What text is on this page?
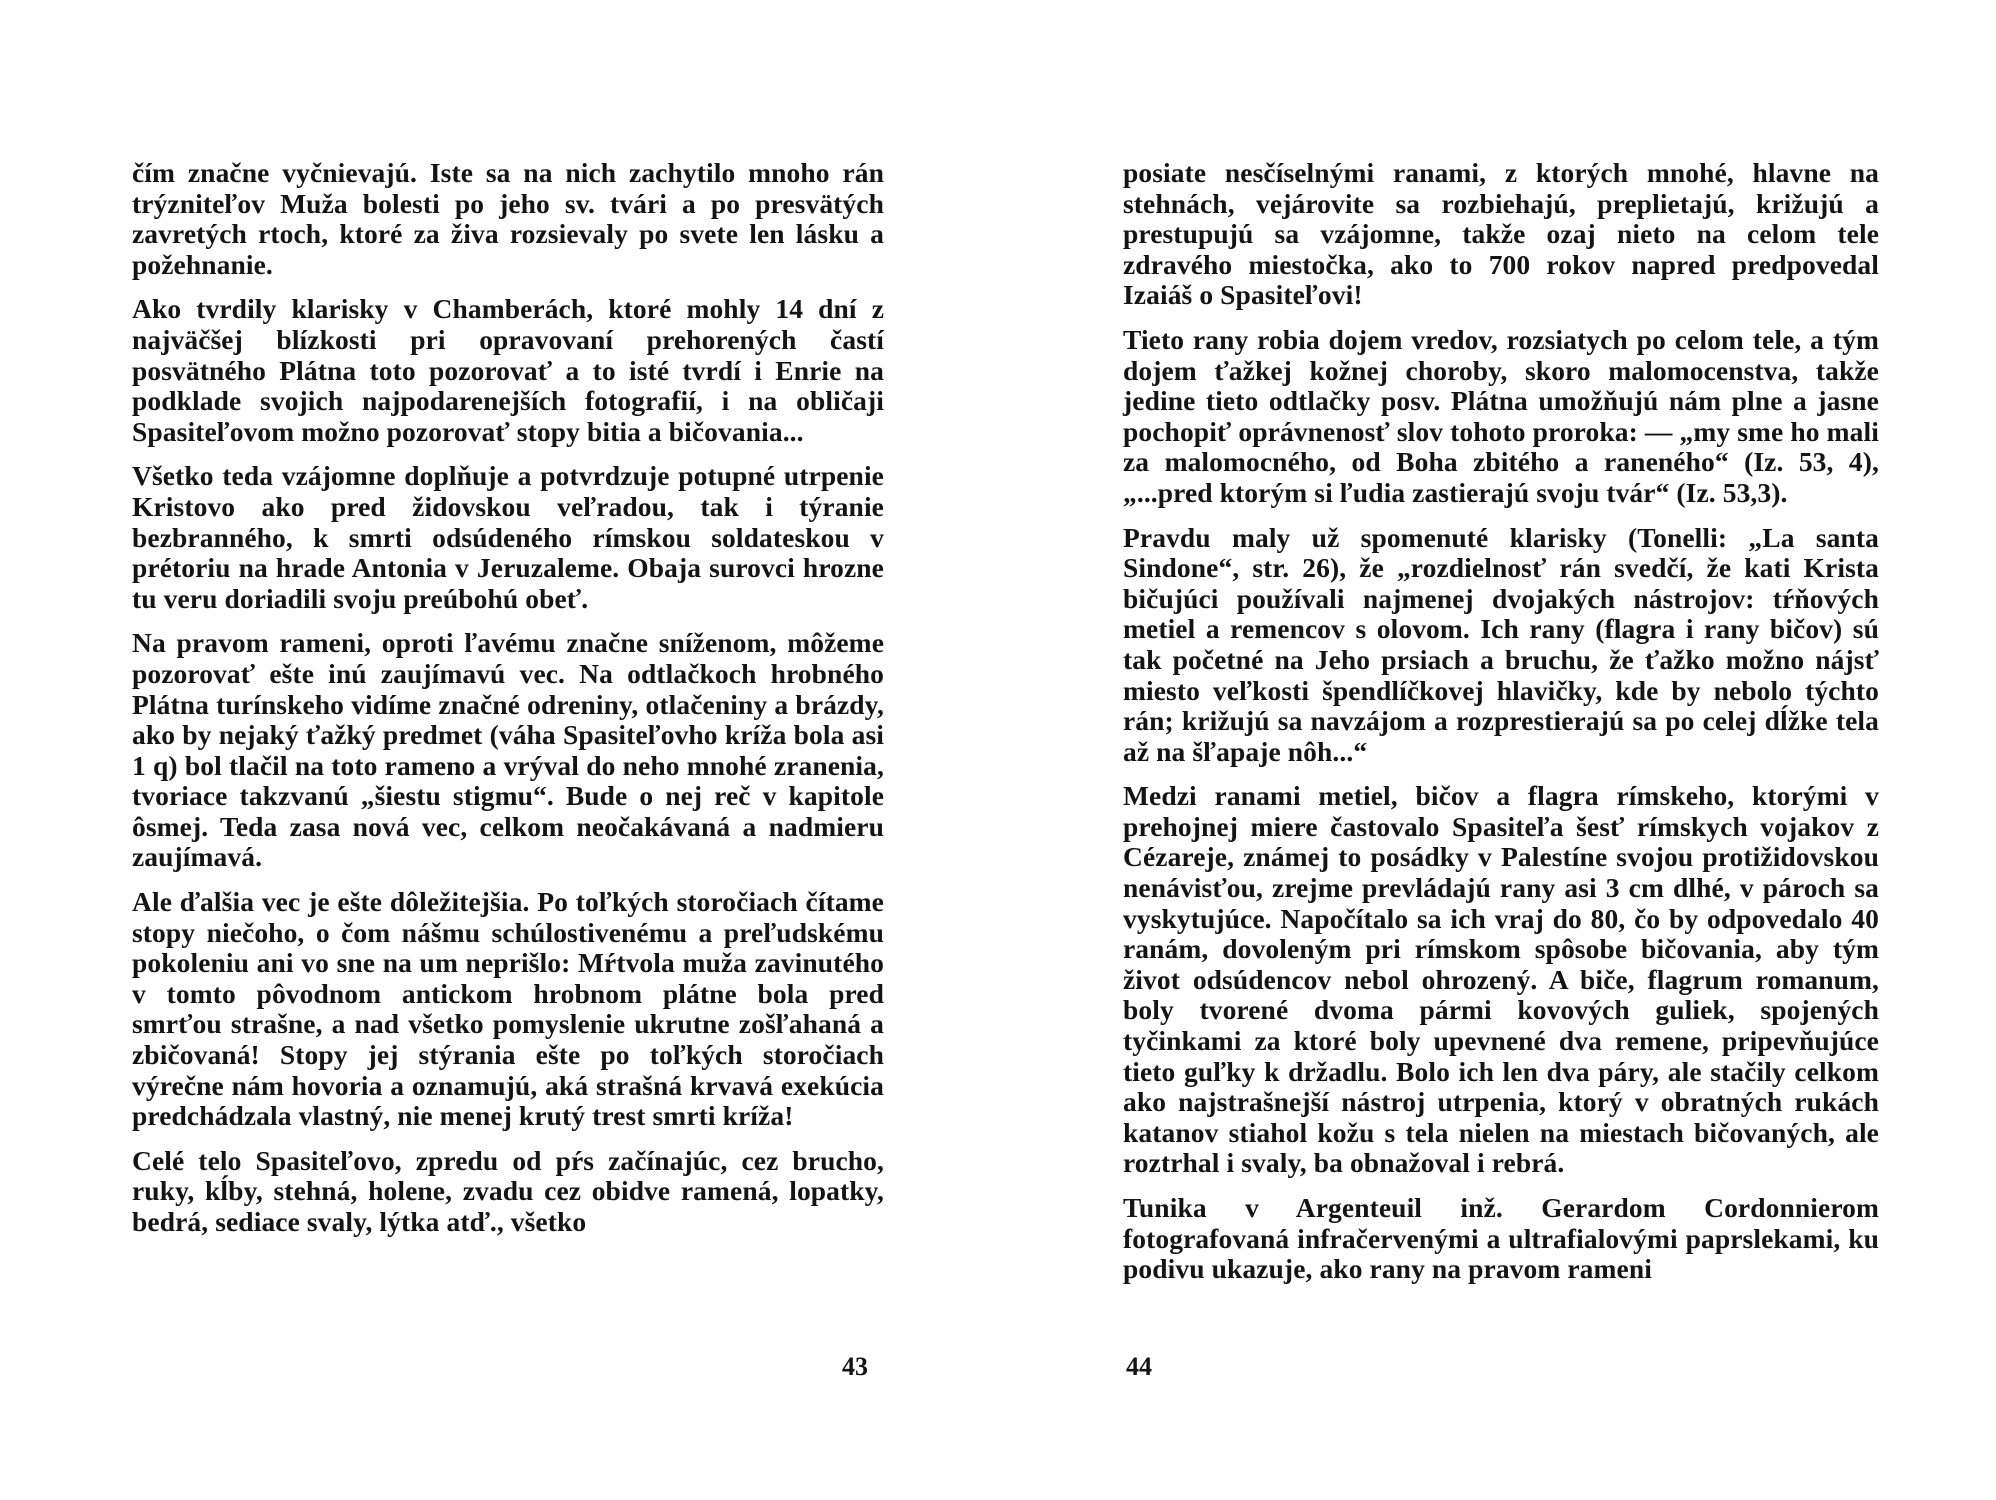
čím značne vyčnievajú. Iste sa na nich zachytilo mnoho rán trýzniteľov Muža bolesti po jeho sv. tvári a po presvätých zavretých rtoch, ktoré za živa rozsievaly po svete len lásku a požehnanie.

Ako tvrdily klarisky v Chamberách, ktoré mohly 14 dní z najväčšej blízkosti pri opravovaní prehorených častí posvätného Plátna toto pozorovať a to isté tvrdí i Enrie na podklade svojich najpodarenejších fotografií, i na obličaji Spasiteľovom možno pozorovať stopy bitia a bičovania...

Všetko teda vzájomne doplňuje a potvrdzuje potupné utrpenie Kristovo ako pred židovskou veľradou, tak i týranie bezbranného, k smrti odsúdeného rímskou soldateskou v prétoriu na hrade Antonia v Jeruzaleme. Obaja surovci hrozne tu veru doriadili svoju preúbohú obeť.

Na pravom rameni, oproti ľavému značne sníženom, môžeme pozorovať ešte inú zaujímavú vec. Na odtlačkoch hrobného Plátna turínskeho vidíme značné odreniny, otlačeniny a brázdy, ako by nejaký ťažký predmet (váha Spasiteľovho kríža bola asi 1 q) bol tlačil na toto rameno a vrýval do neho mnohé zranenia, tvoriace takzvanú „šiestu stigmu“. Bude o nej reč v kapitole ôsmej. Teda zasa nová vec, celkom neočakávaná a nadmieru zaujímavá.

Ale ďalšia vec je ešte dôležitejšia. Po toľkých storočiach čítame stopy niečoho, o čom nášmu schúlostivenému a preľudskému pokoleniu ani vo sne na um neprišlo: Mŕtvola muža zavinutého v tomto pôvodnom antickom hrobnom plátne bola pred smrťou strašne, a nad všetko pomyslenie ukrutne zošľahaná a zbičovaná! Stopy jej stýrania ešte po toľkých storočiach výrečne nám hovoria a oznamujú, aká strašná krvavá exekúcia predchádzala vlastný, nie menej krutý trest smrti kríža!

Celé telo Spasiteľovo, zpredu od pŕs začínajúc, cez brucho, ruky, kĺby, stehná, holene, zvadu cez obidve ramená, lopatky, bedrá, sediace svaly, lýtka atď., všetko

43

posiate nesčíselnými ranami, z ktorých mnohé, hlavne na stehnách, vejárovite sa rozbiehajú, preplietajú, križujú a prestupujú sa vzájomne, takže ozaj nieto na celom tele zdravého miestočka, ako to 700 rokov napred predpovedal Izaiáš o Spasiteľovi!

Tieto rany robia dojem vredov, rozsiatych po celom tele, a tým dojem ťažkej kožnej choroby, skoro malomocenstva, takže jedine tieto odtlačky posv. Plátna umožňujú nám plne a jasne pochopiť oprávnenosť slov tohoto proroka: — „my sme ho mali za malomocného, od Boha zbitého a raneného“ (Iz. 53, 4), „...pred ktorým si ľudia zastierajú svoju tvár“ (Iz. 53,3).

Pravdu maly už spomenuté klarisky (Tonelli: „La santa Sindone“, str. 26), že „rozdielnosť rán svedčí, že kati Krista bičujúci používali najmenej dvojakých nástrojov: tŕňových metiel a remencov s olovom. Ich rany (flagra i rany bičov) sú tak početné na Jeho prsiach a bruchu, že ťažko možno nájsť miesto veľkosti špendlíčkovej hlavičky, kde by nebolo týchto rán; križujú sa navzájom a rozprestierajú sa po celej dĺžke tela až na šľapaje nôh...“

Medzi ranami metiel, bičov a flagra rímskeho, ktorými v prehojnej miere častovalo Spasiteľa šesť rímskych vojakov z Cézareje, známej to posádky v Palestíne svojou protižidovskou nenávisťou, zrejme prevládajú rany asi 3 cm dlhé, v pároch sa vyskytujúce. Napočítalo sa ich vraj do 80, čo by odpovedalo 40 ranám, dovoleným pri rímskom spôsobe bičovania, aby tým život odsúdencov nebol ohrozený. A biče, flagrum romanum, boly tvorené dvoma pármi kovových guliek, spojených tyčinkami za ktoré boly upevnené dva remene, pripevňujúce tieto guľky k držadlu. Bolo ich len dva páry, ale stačily celkom ako najstrašnejší nástroj utrpenia, ktorý v obratných rukách katanov stiahol kožu s tela nielen na miestach bičovaných, ale roztrhal i svaly, ba obnažoval i rebrá.

Tunika v Argenteuil inž. Gerardom Cordonnierom fotografovaná infračervenými a ultrafialovými paprslekami, ku podivu ukazuje, ako rany na pravom rameni

44
